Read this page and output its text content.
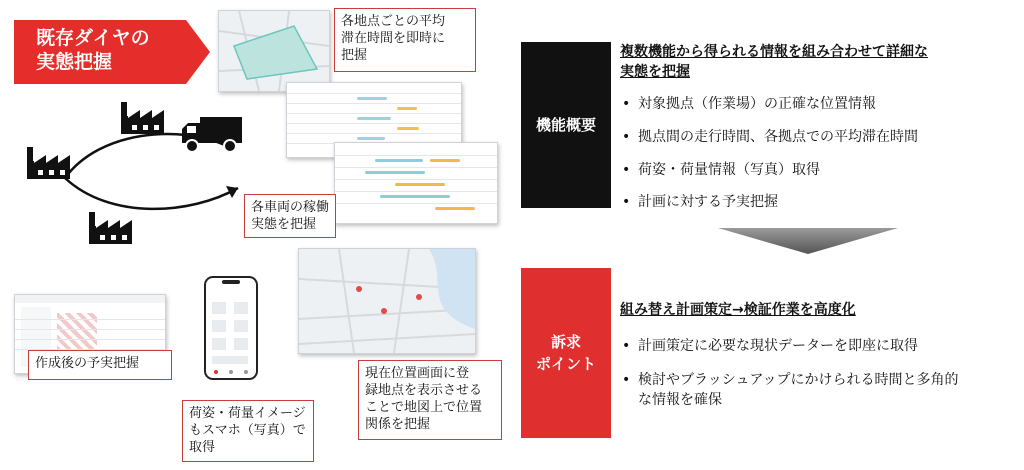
既存ダイヤの
実態把握
各地点ごとの平均
滞在時間を即時に
把握
各車両の稼働
実態を把握
作成後の予実把握
荷姿・荷量イメージ
もスマホ（写真）で
取得
現在位置画面に登
録地点を表示させる
ことで地図上で位置
関係を把握
機能概要
複数機能から得られる情報を組み合わせて詳細な
実態を把握
• 対象拠点（作業場）の正確な位置情報
• 拠点間の走行時間、各拠点での平均滞在時間
• 荷姿・荷量情報（写真）取得
• 計画に対する予実把握
訴求
ポイント
組み替え計画策定→検証作業を高度化
• 計画策定に必要な現状データーを即座に取得
• 検討やブラッシュアップにかけられる時間と多角的
な情報を確保
